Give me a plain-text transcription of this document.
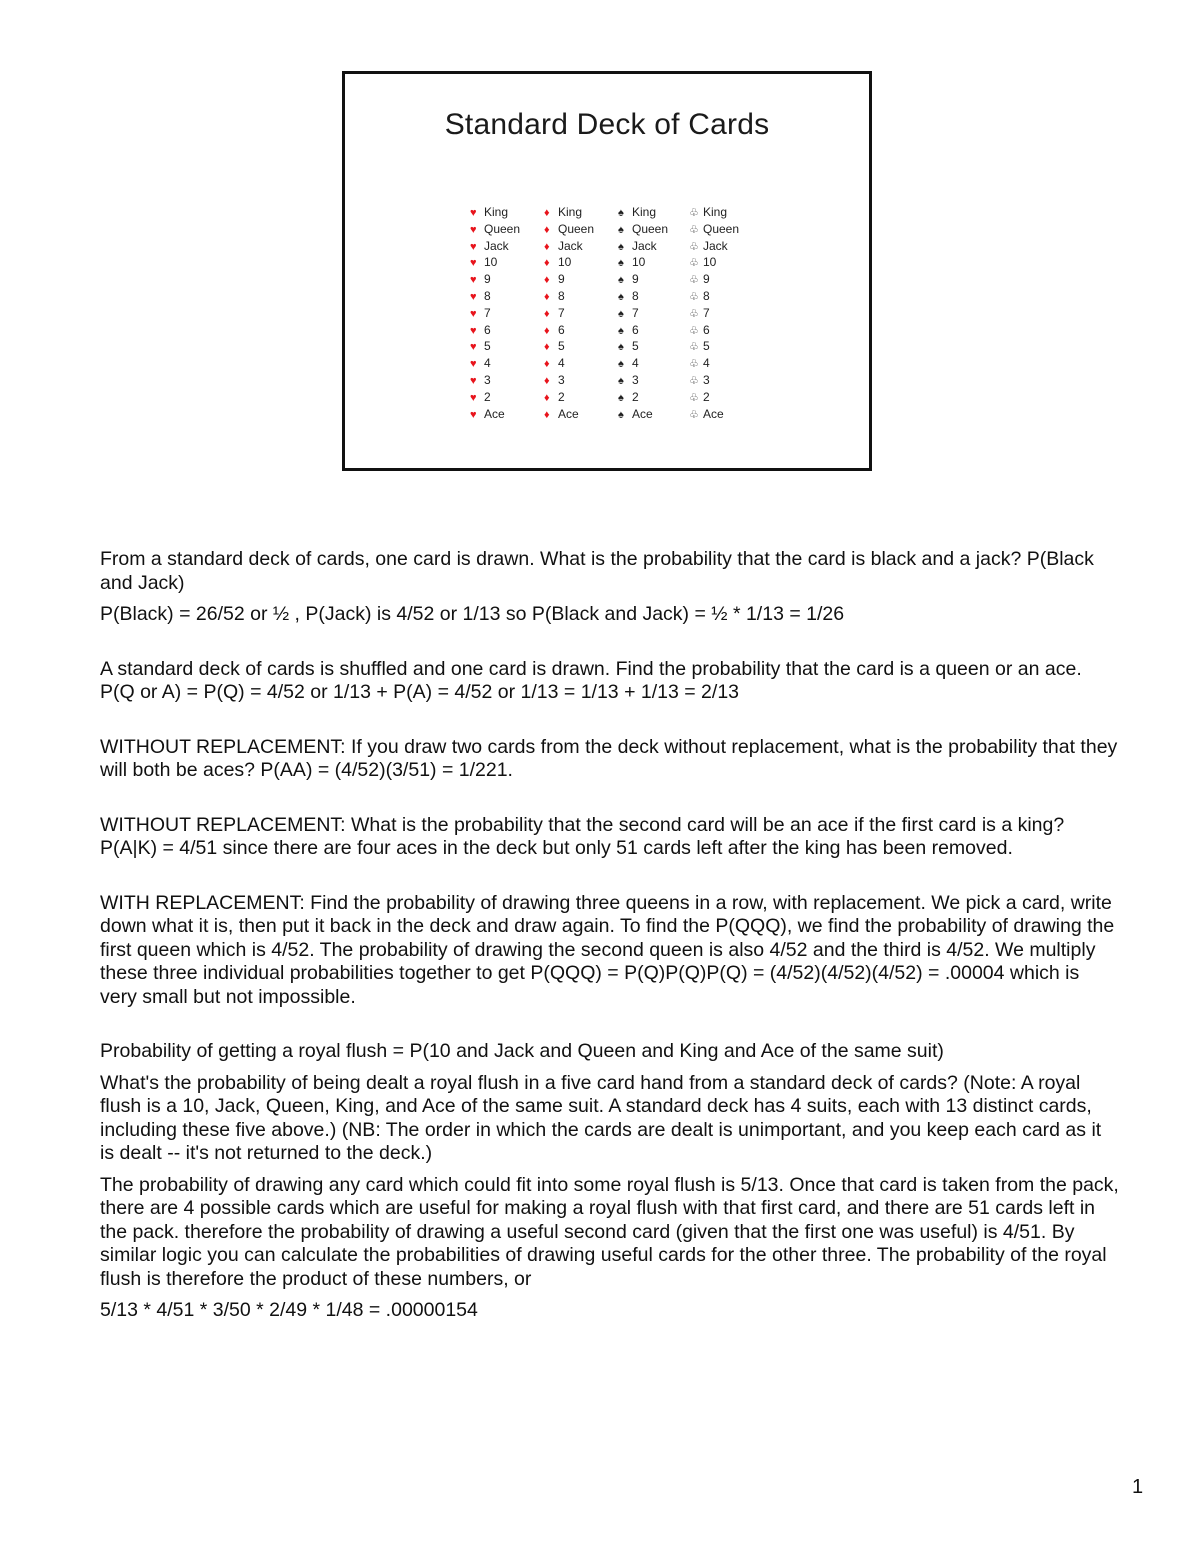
Standard Deck of Cards
♥ King
♥ Queen
♥ Jack
♥ 10
♥ 9
♥ 8
♥ 7
♥ 6
♥ 5
♥ 4
♥ 3
♥ 2
♥ Ace
♦ King
♦ Queen
♦ Jack
♦ 10
♦ 9
♦ 8
♦ 7
♦ 6
♦ 5
♦ 4
♦ 3
♦ 2
♦ Ace
♠ King
♠ Queen
♠ Jack
♠ 10
♠ 9
♠ 8
♠ 7
♠ 6
♠ 5
♠ 4
♠ 3
♠ 2
♠ Ace
♧ King
♧ Queen
♧ Jack
♧ 10
♧ 9
♧ 8
♧ 7
♧ 6
♧ 5
♧ 4
♧ 3
♧ 2
♧ Ace

From a standard deck of cards, one card is drawn. What is the probability that the card is black and a jack? P(Black and Jack)

P(Black) = 26/52 or ½ , P(Jack) is 4/52 or 1/13 so P(Black and Jack) = ½ * 1/13 = 1/26

A standard deck of cards is shuffled and one card is drawn. Find the probability that the card is a queen or an ace. P(Q or A) = P(Q) = 4/52 or 1/13 + P(A) = 4/52 or 1/13 = 1/13 + 1/13 = 2/13

WITHOUT REPLACEMENT: If you draw two cards from the deck without replacement, what is the probability that they will both be aces? P(AA) = (4/52)(3/51) = 1/221.

WITHOUT REPLACEMENT: What is the probability that the second card will be an ace if the first card is a king? P(A|K) = 4/51 since there are four aces in the deck but only 51 cards left after the king has been removed.

WITH REPLACEMENT: Find the probability of drawing three queens in a row, with replacement. We pick a card, write down what it is, then put it back in the deck and draw again. To find the P(QQQ), we find the probability of drawing the first queen which is 4/52. The probability of drawing the second queen is also 4/52 and the third is 4/52. We multiply these three individual probabilities together to get P(QQQ) = P(Q)P(Q)P(Q) = (4/52)(4/52)(4/52) = .00004 which is very small but not impossible.

Probability of getting a royal flush = P(10 and Jack and Queen and King and Ace of the same suit)

What's the probability of being dealt a royal flush in a five card hand from a standard deck of cards? (Note: A royal flush is a 10, Jack, Queen, King, and Ace of the same suit. A standard deck has 4 suits, each with 13 distinct cards, including these five above.) (NB: The order in which the cards are dealt is unimportant, and you keep each card as it is dealt -- it's not returned to the deck.)

The probability of drawing any card which could fit into some royal flush is 5/13. Once that card is taken from the pack, there are 4 possible cards which are useful for making a royal flush with that first card, and there are 51 cards left in the pack. therefore the probability of drawing a useful second card (given that the first one was useful) is 4/51. By similar logic you can calculate the probabilities of drawing useful cards for the other three. The probability of the royal flush is therefore the product of these numbers, or

5/13 * 4/51 * 3/50 * 2/49 * 1/48 = .00000154

1
